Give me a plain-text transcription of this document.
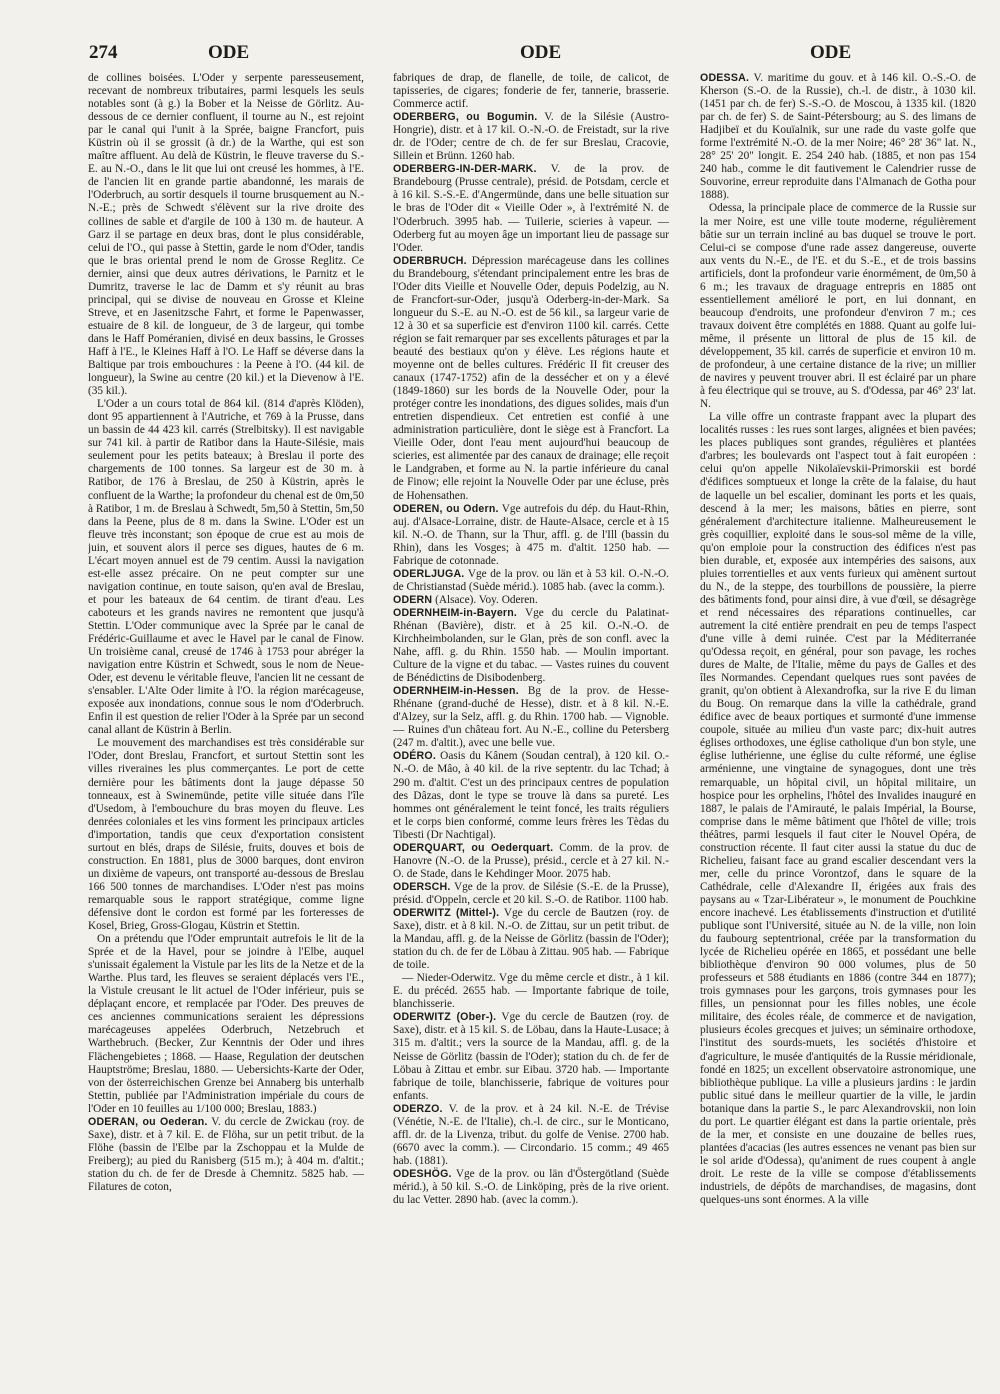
274	ODE	ODE	ODE

de collines boisées. L'Oder y serpente paresseusement, recevant de nombreux tributaires, parmi lesquels les seuls notables sont (à g.) la Bober et la Neisse de Görlitz. Au-dessous de ce dernier confluent, il tourne au N., est rejoint par le canal qui l'unit à la Sprée, baigne Francfort, puis Küstrin où il se grossit (à dr.) de la Warthe, qui est son maître affluent. Au delà de Küstrin, le fleuve traverse du S.-E. au N.-O., dans le lit que lui ont creusé les hommes, à l'E. de l'ancien lit en grande partie abandonné, les marais de l'Oderbruch, au sortir desquels il tourne brusquement au N.-N.-E.; près de Schwedt s'élèvent sur la rive droite des collines de sable et d'argile de 100 à 130 m. de hauteur. A Garz il se partage en deux bras, dont le plus considérable, celui de l'O., qui passe à Stettin, garde le nom d'Oder, tandis que le bras oriental prend le nom de Grosse Reglitz. Ce dernier, ainsi que deux autres dérivations, le Parnitz et le Dumritz, traverse le lac de Damm et s'y réunit au bras principal, qui se divise de nouveau en Grosse et Kleine Streve, et en Jasenitzsche Fahrt, et forme le Papenwasser, estuaire de 8 kil. de longueur, de 3 de largeur, qui tombe dans le Haff Poméranien, divisé en deux bassins, le Grosses Haff à l'E., le Kleines Haff à l'O. Le Haff se déverse dans la Baltique par trois embouchures : la Peene à l'O. (44 kil. de longueur), la Swine au centre (20 kil.) et la Dievenow à l'E. (35 kil.).

L'Oder a un cours total de 864 kil. (814 d'après Klöden), dont 95 appartiennent à l'Autriche, et 769 à la Prusse, dans un bassin de 44 423 kil. carrés (Strelbitsky). Il est navigable sur 741 kil. à partir de Ratibor dans la Haute-Silésie, mais seulement pour les petits bateaux; à Breslau il porte des chargements de 100 tonnes. Sa largeur est de 30 m. à Ratibor, de 176 à Breslau, de 250 à Küstrin, après le confluent de la Warthe; la profondeur du chenal est de 0m,50 à Ratibor, 1 m. de Breslau à Schwedt, 5m,50 à Stettin, 5m,50 dans la Peene, plus de 8 m. dans la Swine. L'Oder est un fleuve très inconstant; son époque de crue est au mois de juin, et souvent alors il perce ses digues, hautes de 6 m. L'écart moyen annuel est de 79 centim. Aussi la navigation est-elle assez précaire. On ne peut compter sur une navigation continue, en toute saison, qu'en aval de Breslau, et pour les bateaux de 64 centim. de tirant d'eau. Les caboteurs et les grands navires ne remontent que jusqu'à Stettin. L'Oder communique avec la Sprée par le canal de Frédéric-Guillaume et avec le Havel par le canal de Finow. Un troisième canal, creusé de 1746 à 1753 pour abréger la navigation entre Küstrin et Schwedt, sous le nom de Neue-Oder, est devenu le véritable fleuve, l'ancien lit ne cessant de s'ensabler. L'Alte Oder limite à l'O. la région marécageuse, exposée aux inondations, connue sous le nom d'Oderbruch. Enfin il est question de relier l'Oder à la Sprée par un second canal allant de Küstrin à Berlin.

Le mouvement des marchandises est très considérable sur l'Oder, dont Breslau, Francfort, et surtout Stettin sont les villes riveraines les plus commerçantes. Le port de cette dernière pour les bâtiments dont la jauge dépasse 50 tonneaux, est à Swinemünde, petite ville située dans l'île d'Usedom, à l'embouchure du bras moyen du fleuve. Les denrées coloniales et les vins forment les principaux articles d'importation, tandis que ceux d'exportation consistent surtout en blés, draps de Silésie, fruits, douves et bois de construction. En 1881, plus de 3000 barques, dont environ un dixième de vapeurs, ont transporté au-dessous de Breslau 166 500 tonnes de marchandises. L'Oder n'est pas moins remarquable sous le rapport stratégique, comme ligne défensive dont le cordon est formé par les forteresses de Kosel, Brieg, Gross-Glogau, Küstrin et Stettin.

On a prétendu que l'Oder empruntait autrefois le lit de la Sprée et de la Havel, pour se joindre à l'Elbe, auquel s'unissait également la Vistule par les lits de la Netze et de la Warthe. Plus tard, les fleuves se seraient déplacés vers l'E., la Vistule creusant le lit actuel de l'Oder inférieur, puis se déplaçant encore, et remplacée par l'Oder. Des preuves de ces anciennes communications seraient les dépressions marécageuses appelées Oderbruch, Netzebruch et Warthebruch. (Becker, Zur Kenntnis der Oder und ihres Flächengebietes ; 1868. — Haase, Regulation der deutschen Hauptströme; Breslau, 1880. — Uebersichts-Karte der Oder, von der österreichischen Grenze bei Annaberg bis unterhalb Stettin, publiée par l'Administration impériale du cours de l'Oder en 10 feuilles au 1/100 000; Breslau, 1883.)

ODERAN, ou Oederan. V. du cercle de Zwickau (roy. de Saxe), distr. et à 7 kil. E. de Flöha, sur un petit tribut. de la Flöhe (bassin de l'Elbe par la Zschoppau et la Mulde de Freiberg); au pied du Ranisberg (515 m.); à 404 m. d'altit.; station du ch. de fer de Dresde à Chemnitz. 5825 hab. — Filatures de coton,

fabriques de drap, de flanelle, de toile, de calicot, de tapisseries, de cigares; fonderie de fer, tannerie, brasserie. Commerce actif.

ODERBERG, ou Bogumin. V. de la Silésie (Austro-Hongrie), distr. et à 17 kil. O.-N.-O. de Freistadt, sur la rive dr. de l'Oder; centre de ch. de fer sur Breslau, Cracovie, Sillein et Brünn. 1260 hab.

ODERBERG-IN-DER-MARK. V. de la prov. de Brandebourg (Prusse centrale), présid. de Potsdam, cercle et à 16 kil. S.-S.-E. d'Angermünde, dans une belle situation sur le bras de l'Oder dit « Vieille Oder », à l'extrémité N. de l'Oderbruch. 3995 hab. — Tuilerie, scieries à vapeur. — Oderberg fut au moyen âge un important lieu de passage sur l'Oder.

ODERBRUCH. Dépression marécageuse dans les collines du Brandebourg, s'étendant principalement entre les bras de l'Oder dits Vieille et Nouvelle Oder, depuis Podelzig, au N. de Francfort-sur-Oder, jusqu'à Oderberg-in-der-Mark. Sa longueur du S.-E. au N.-O. est de 56 kil., sa largeur varie de 12 à 30 et sa superficie est d'environ 1100 kil. carrés. Cette région se fait remarquer par ses excellents pâturages et par la beauté des bestiaux qu'on y élève. Les régions haute et moyenne ont de belles cultures. Frédéric II fit creuser des canaux (1747-1752) afin de la dessécher et on y a élevé (1849-1860) sur les bords de la Nouvelle Oder, pour la protéger contre les inondations, des digues solides, mais d'un entretien dispendieux. Cet entretien est confié à une administration particulière, dont le siège est à Francfort. La Vieille Oder, dont l'eau ment aujourd'hui beaucoup de scieries, est alimentée par des canaux de drainage; elle reçoit le Landgraben, et forme au N. la partie inférieure du canal de Finow; elle rejoint la Nouvelle Oder par une écluse, près de Hohensathen.

ODEREN, ou Odern. Vge autrefois du dép. du Haut-Rhin, auj. d'Alsace-Lorraine, distr. de Haute-Alsace, cercle et à 15 kil. N.-O. de Thann, sur la Thur, affl. g. de l'Ill (bassin du Rhin), dans les Vosges; à 475 m. d'altit. 1250 hab. — Fabrique de cotonnade.

ODERLJUGA. Vge de la prov. ou län et à 53 kil. O.-N.-O. de Christianstad (Suède mérid.). 1085 hab. (avec la comm.).

ODERN (Alsace). Voy. Oderen.

ODERNHEIM-in-Bayern. Vge du cercle du Palatinat-Rhénan (Bavière), distr. et à 25 kil. O.-N.-O. de Kirchheimbolanden, sur le Glan, près de son confl. avec la Nahe, affl. g. du Rhin. 1550 hab. — Moulin important. Culture de la vigne et du tabac. — Vastes ruines du couvent de Bénédictins de Disibodenberg.

ODERNHEIM-in-Hessen. Bg de la prov. de Hesse-Rhénane (grand-duché de Hesse), distr. et à 8 kil. N.-E. d'Alzey, sur la Selz, affl. g. du Rhin. 1700 hab. — Vignoble. — Ruines d'un château fort. Au N.-E., colline du Petersberg (247 m. d'altit.), avec une belle vue.

ODÉRO. Oasis du Kânem (Soudan central), à 120 kil. O.-N.-O. de Mâo, à 40 kil. de la rive septentr. du lac Tchad; à 290 m. d'altit. C'est un des principaux centres de population des Dâzas, dont le type se trouve là dans sa pureté. Les hommes ont généralement le teint foncé, les traits réguliers et le corps bien conformé, comme leurs frères les Tèdas du Tibesti (Dr Nachtigal).

ODERQUART, ou Oederquart. Comm. de la prov. de Hanovre (N.-O. de la Prusse), présid., cercle et à 27 kil. N.-O. de Stade, dans le Kehdinger Moor. 2075 hab.

ODERSCH. Vge de la prov. de Silésie (S.-E. de la Prusse), présid. d'Oppeln, cercle et 20 kil. S.-O. de Ratibor. 1100 hab.

ODERWITZ (Mittel-). Vge du cercle de Bautzen (roy. de Saxe), distr. et à 8 kil. N.-O. de Zittau, sur un petit tribut. de la Mandau, affl. g. de la Neisse de Görlitz (bassin de l'Oder); station du ch. de fer de Löbau à Zittau. 905 hab. — Fabrique de toile.

— Nieder-Oderwitz. Vge du même cercle et distr., à 1 kil. E. du précéd. 2655 hab. — Importante fabrique de toile, blanchisserie.

ODERWITZ (Ober-). Vge du cercle de Bautzen (roy. de Saxe), distr. et à 15 kil. S. de Löbau, dans la Haute-Lusace; à 315 m. d'altit.; vers la source de la Mandau, affl. g. de la Neisse de Görlitz (bassin de l'Oder); station du ch. de fer de Löbau à Zittau et embr. sur Eibau. 3720 hab. — Importante fabrique de toile, blanchisserie, fabrique de voitures pour enfants.

ODERZO. V. de la prov. et à 24 kil. N.-E. de Trévise (Vénétie, N.-E. de l'Italie), ch.-l. de circ., sur le Monticano, affl. dr. de la Livenza, tribut. du golfe de Venise. 2700 hab. (6670 avec la comm.). — Circondario. 15 comm.; 49 465 hab. (1881).

ODESHÖG. Vge de la prov. ou län d'Östergötland (Suède mérid.), à 50 kil. S.-O. de Linköping, près de la rive orient. du lac Vetter. 2890 hab. (avec la comm.).

ODESSA. V. maritime du gouv. et à 146 kil. O.-S.-O. de Kherson (S.-O. de la Russie), ch.-l. de distr., à 1030 kil. (1451 par ch. de fer) S.-S.-O. de Moscou, à 1335 kil. (1820 par ch. de fer) S. de Saint-Pétersbourg; au S. des limans de Hadjibeï et du Kouïalnik, sur une rade du vaste golfe que forme l'extrémité N.-O. de la mer Noire; 46° 28' 36" lat. N., 28° 25' 20" longit. E. 254 240 hab. (1885, et non pas 154 240 hab., comme le dit fautivement le Calendrier russe de Souvorine, erreur reproduite dans l'Almanach de Gotha pour 1888).

Odessa, la principale place de commerce de la Russie sur la mer Noire, est une ville toute moderne, régulièrement bâtie sur un terrain incliné au bas duquel se trouve le port. Celui-ci se compose d'une rade assez dangereuse, ouverte aux vents du N.-E., de l'E. et du S.-E., et de trois bassins artificiels, dont la profondeur varie énormément, de 0m,50 à 6 m.; les travaux de draguage entrepris en 1885 ont essentiellement amélioré le port, en lui donnant, en beaucoup d'endroits, une profondeur d'environ 7 m.; ces travaux doivent être complétés en 1888. Quant au golfe lui-même, il présente un littoral de plus de 15 kil. de développement, 35 kil. carrés de superficie et environ 10 m. de profondeur, à une certaine distance de la rive; un millier de navires y peuvent trouver abri. Il est éclairé par un phare à feu électrique qui se trouve, au S. d'Odessa, par 46° 23' lat. N.

La ville offre un contraste frappant avec la plupart des localités russes : les rues sont larges, alignées et bien pavées; les places publiques sont grandes, régulières et plantées d'arbres; les boulevards ont l'aspect tout à fait européen : celui qu'on appelle Nikolaïevskii-Primorskii est bordé d'édifices somptueux et longe la crête de la falaise, du haut de laquelle un bel escalier, dominant les ports et les quais, descend à la mer; les maisons, bâties en pierre, sont généralement d'architecture italienne. Malheureusement le grès coquillier, exploité dans le sous-sol même de la ville, qu'on emploie pour la construction des édifices n'est pas bien durable, et, exposée aux intempéries des saisons, aux pluies torrentielles et aux vents furieux qui amènent surtout du N., de la steppe, des tourbillons de poussière, la pierre des bâtiments fond, pour ainsi dire, à vue d'œil, se désagrège et rend nécessaires des réparations continuelles, car autrement la cité entière prendrait en peu de temps l'aspect d'une ville à demi ruinée. C'est par la Méditerranée qu'Odessa reçoit, en général, pour son pavage, les roches dures de Malte, de l'Italie, même du pays de Galles et des îles Normandes. Cependant quelques rues sont pavées de granit, qu'on obtient à Alexandrofka, sur la rive E du liman du Boug. On remarque dans la ville la cathédrale, grand édifice avec de beaux portiques et surmonté d'une immense coupole, située au milieu d'un vaste parc; dix-huit autres églises orthodoxes, une église catholique d'un bon style, une église luthérienne, une église du culte réformé, une église arménienne, une vingtaine de synagogues, dont une très remarquable, un hôpital civil, un hôpital militaire, un hospice pour les orphelins, l'hôtel des Invalides inauguré en 1887, le palais de l'Amirauté, le palais Impérial, la Bourse, comprise dans le même bâtiment que l'hôtel de ville; trois théâtres, parmi lesquels il faut citer le Nouvel Opéra, de construction récente. Il faut citer aussi la statue du duc de Richelieu, faisant face au grand escalier descendant vers la mer, celle du prince Vorontzof, dans le square de la Cathédrale, celle d'Alexandre II, érigées aux frais des paysans au « Tzar-Libérateur », le monument de Pouchkine encore inachevé. Les établissements d'instruction et d'utilité publique sont l'Université, située au N. de la ville, non loin du faubourg septentrional, créée par la transformation du lycée de Richelieu opérée en 1865, et possédant une belle bibliothèque d'environ 90 000 volumes, plus de 50 professeurs et 588 étudiants en 1886 (contre 344 en 1877); trois gymnases pour les garçons, trois gymnases pour les filles, un pensionnat pour les filles nobles, une école militaire, des écoles réale, de commerce et de navigation, plusieurs écoles grecques et juives; un séminaire orthodoxe, l'institut des sourds-muets, les sociétés d'histoire et d'agriculture, le musée d'antiquités de la Russie méridionale, fondé en 1825; un excellent observatoire astronomique, une bibliothèque publique. La ville a plusieurs jardins : le jardin public situé dans le meilleur quartier de la ville, le jardin botanique dans la partie S., le parc Alexandrovskii, non loin du port. Le quartier élégant est dans la partie orientale, près de la mer, et consiste en une douzaine de belles rues, plantées d'acacias (les autres essences ne venant pas bien sur le sol aride d'Odessa), qu'animent de rues coupent à angle droit. Le reste de la ville se compose d'établissements industriels, de dépôts de marchandises, de magasins, dont quelques-uns sont énormes. A la ville
